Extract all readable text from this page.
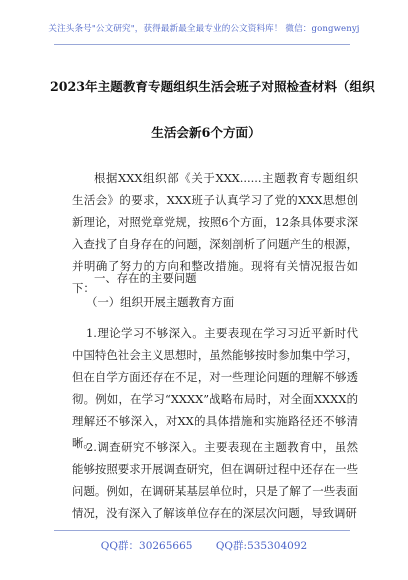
关注头条号"公文研究"，获得最新最全最专业的公文资料库！ 微信：gongwenyj
2023年主题教育专题组织生活会班子对照检查材料（组织
生活会新6个方面）
根据XXX组织部《关于XXX......主题教育专题组织生活会》的要求，XXX班子认真学习了党的XXX思想创新理论，对照党章党规，按照6个方面，12条具体要求深入查找了自身存在的问题，深刻剖析了问题产生的根源，并明确了努力的方向和整改措施。现将有关情况报告如下：
一、存在的主要问题
（一）组织开展主题教育方面
1.理论学习不够深入。主要表现在学习习近平新时代中国特色社会主义思想时，虽然能够按时参加集中学习，但在自学方面还存在不足，对一些理论问题的理解不够透彻。例如，在学习“XXXX”战略布局时，对全面XXXX的理解还不够深入，对XX的具体措施和实施路径还不够清晰。
2.调查研究不够深入。主要表现在主题教育中，虽然能够按照要求开展调查研究，但在调研过程中还存在一些问题。例如，在调研某基层单位时，只是了解了一些表面情况，没有深入了解该单位存在的深层次问题，导致调研
QQ群：30265665 QQ群:535304092
